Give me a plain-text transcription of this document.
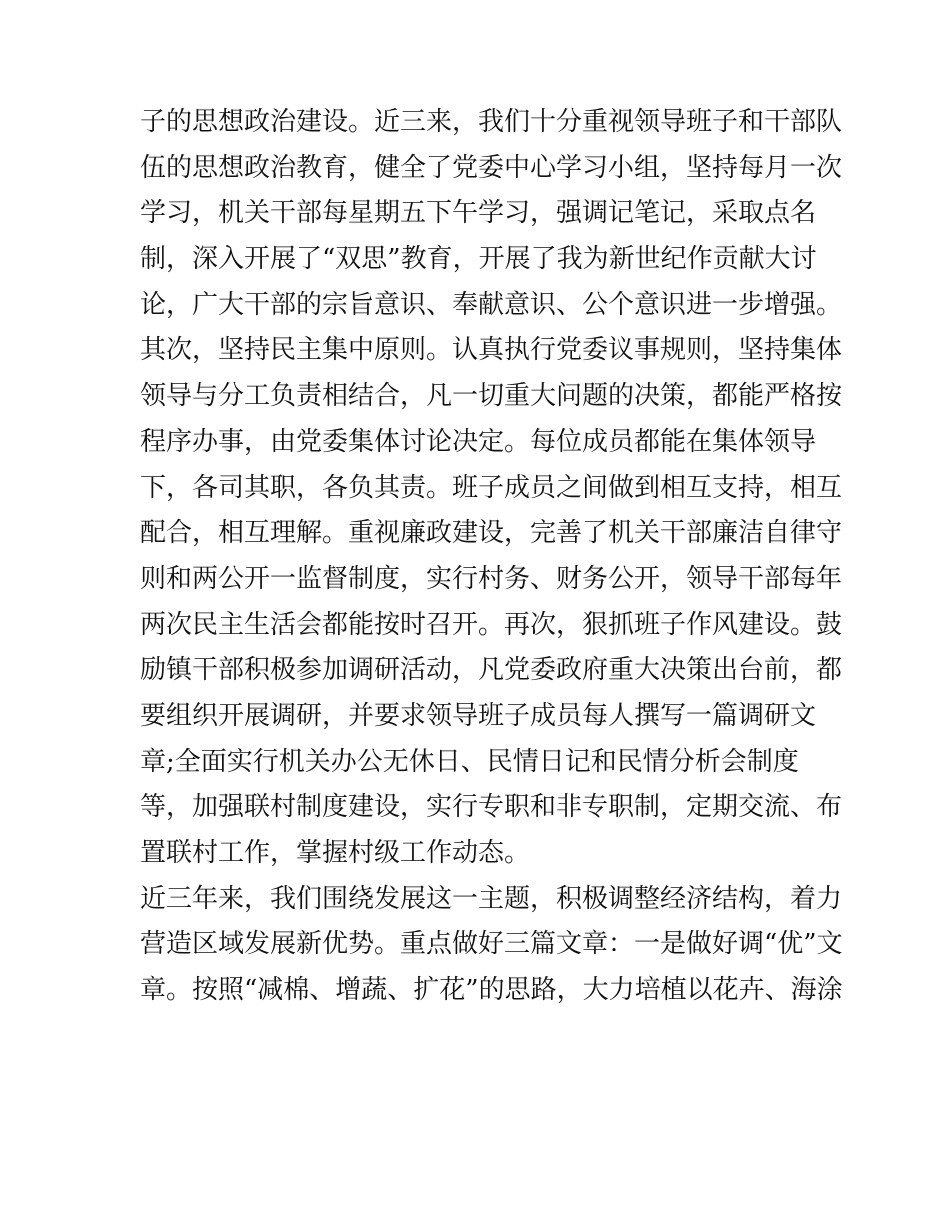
子的思想政治建设。近三来，我们十分重视领导班子和干部队
伍的思想政治教育，健全了党委中心学习小组，坚持每月一次
学习，机关干部每星期五下午学习，强调记笔记，采取点名
制，深入开展了“双思”教育，开展了我为新世纪作贡献大讨
论，广大干部的宗旨意识、奉献意识、公个意识进一步增强。
其次，坚持民主集中原则。认真执行党委议事规则，坚持集体
领导与分工负责相结合，凡一切重大问题的决策，都能严格按
程序办事，由党委集体讨论决定。每位成员都能在集体领导
下，各司其职，各负其责。班子成员之间做到相互支持，相互
配合，相互理解。重视廉政建设，完善了机关干部廉洁自律守
则和两公开一监督制度，实行村务、财务公开，领导干部每年
两次民主生活会都能按时召开。再次，狠抓班子作风建设。鼓
励镇干部积极参加调研活动，凡党委政府重大决策出台前，都
要组织开展调研，并要求领导班子成员每人撰写一篇调研文
章;全面实行机关办公无休日、民情日记和民情分析会制度
等，加强联村制度建设，实行专职和非专职制，定期交流、布
置联村工作，掌握村级工作动态。
近三年来，我们围绕发展这一主题，积极调整经济结构，着力
营造区域发展新优势。重点做好三篇文章：一是做好调“优”文
章。按照“减棉、增蔬、扩花”的思路，大力培植以花卉、海涂
